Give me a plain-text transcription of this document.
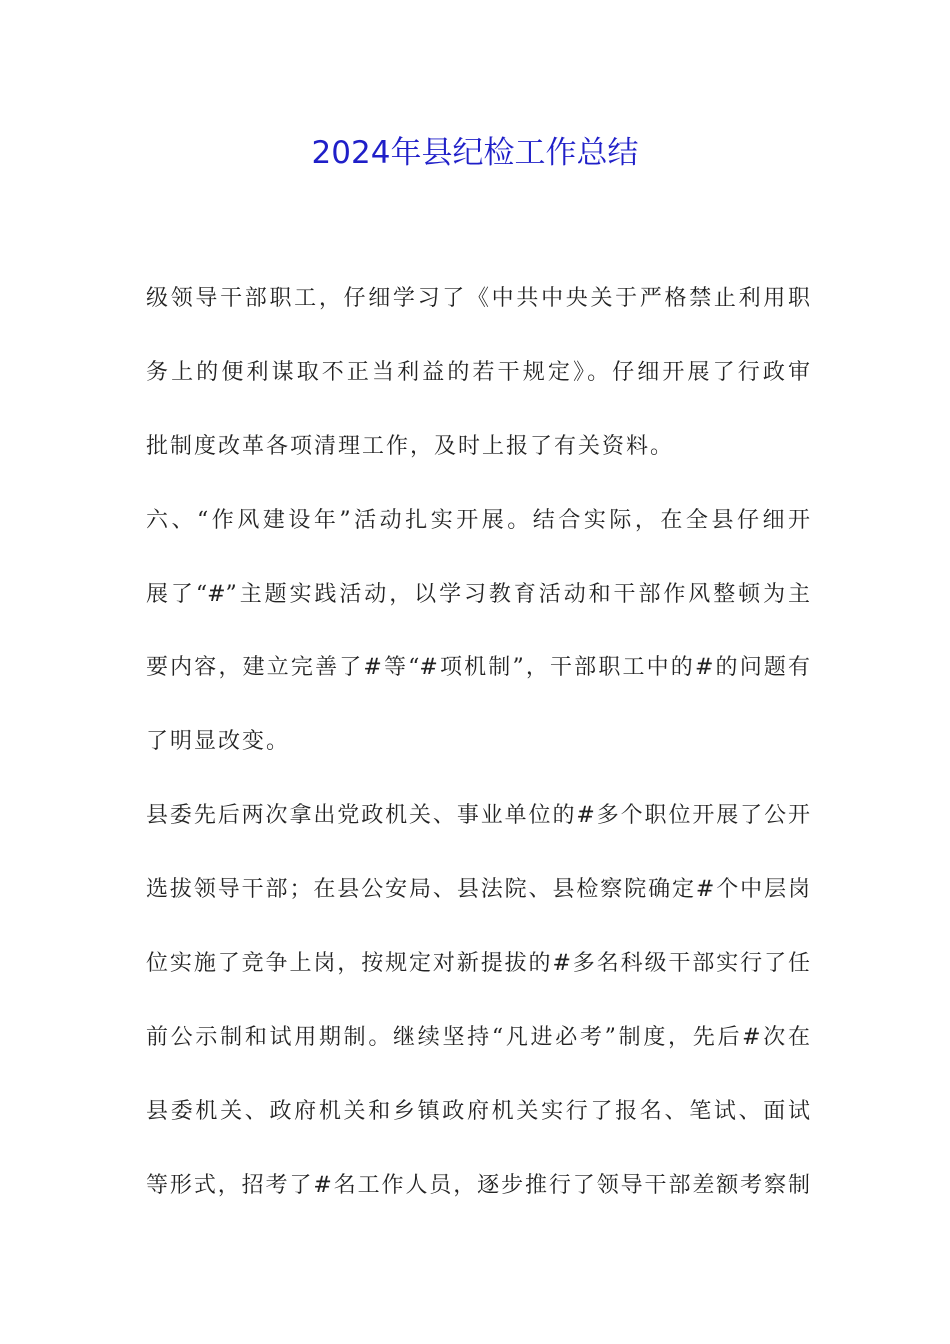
2024年县纪检工作总结
级领导干部职工，仔细学习了《中共中央关于严格禁止利用职
务上的便利谋取不正当利益的若干规定》。仔细开展了行政审
批制度改革各项清理工作，及时上报了有关资料。
六、“作风建设年”活动扎实开展。结合实际，在全县仔细开
展了“#”主题实践活动，以学习教育活动和干部作风整顿为主
要内容，建立完善了#等“#项机制”，干部职工中的#的问题有
了明显改变。
县委先后两次拿出党政机关、事业单位的#多个职位开展了公开
选拔领导干部；在县公安局、县法院、县检察院确定#个中层岗
位实施了竞争上岗，按规定对新提拔的#多名科级干部实行了任
前公示制和试用期制。继续坚持“凡进必考”制度，先后#次在
县委机关、政府机关和乡镇政府机关实行了报名、笔试、面试
等形式，招考了#名工作人员，逐步推行了领导干部差额考察制
